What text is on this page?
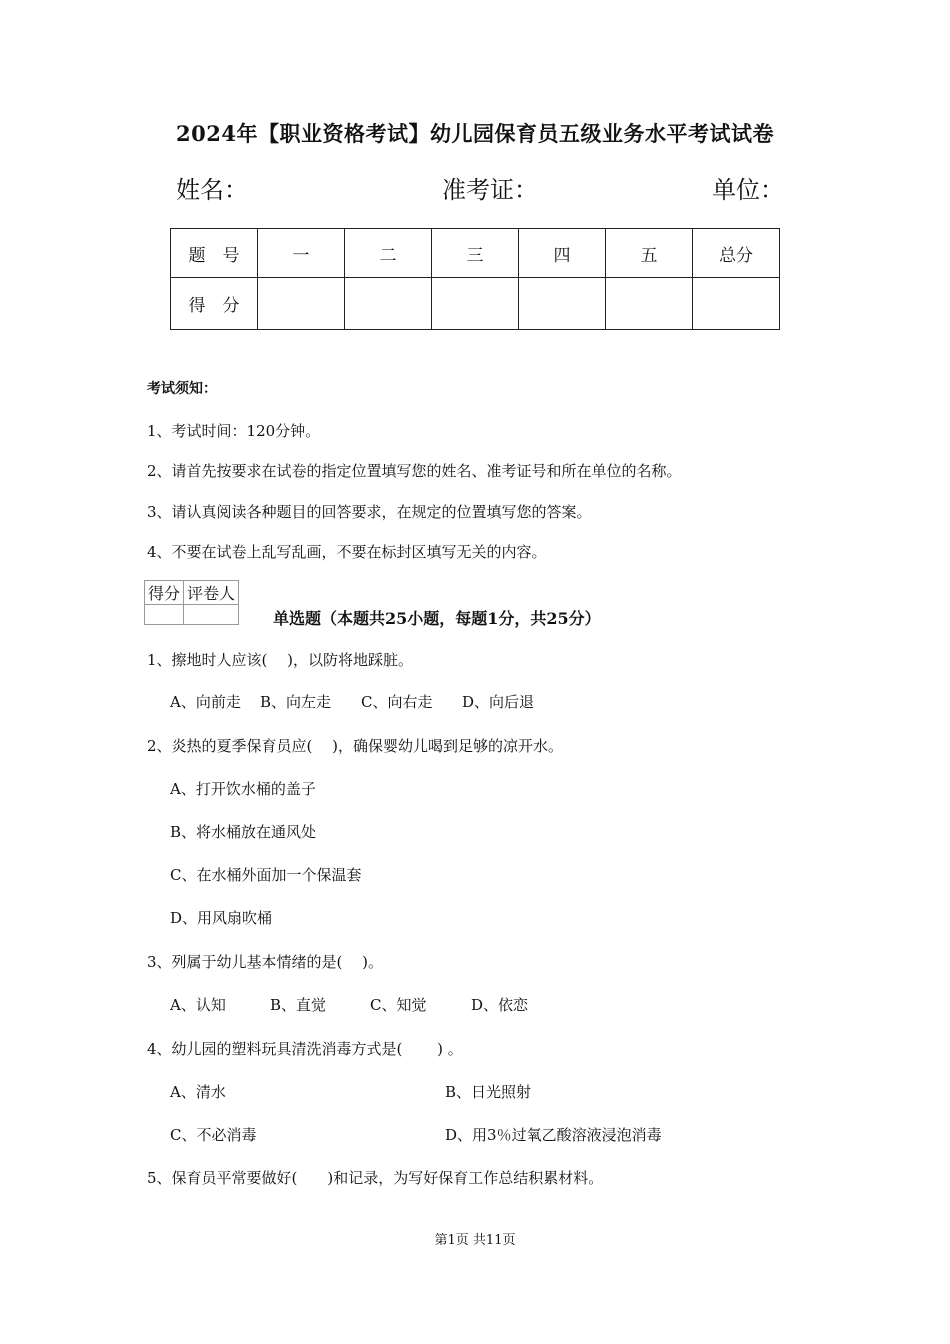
2024年【职业资格考试】幼儿园保育员五级业务水平考试试卷
姓名：	准考证：	单位：
题　号	一	二	三	四	五	总分
得　分						
考试须知：
1、考试时间：120分钟。
2、请首先按要求在试卷的指定位置填写您的姓名、准考证号和所在单位的名称。
3、请认真阅读各种题目的回答要求，在规定的位置填写您的答案。
4、不要在试卷上乱写乱画，不要在标封区填写无关的内容。
得分	评卷人

单选题（本题共25小题，每题1分，共25分）
1、擦地时人应该(　 )，以防将地踩脏。
A、向前走 B、向左走 C、向右走 D、向后退
2、炎热的夏季保育员应(　 )，确保婴幼儿喝到足够的凉开水。
A、打开饮水桶的盖子
B、将水桶放在通风处
C、在水桶外面加一个保温套
D、用风扇吹桶
3、列属于幼儿基本情绪的是(　 )。
A、认知	B、直觉	C、知觉	D、依恋
4、幼儿园的塑料玩具清洗消毒方式是(　　 ) 。
A、清水	B、日光照射
C、不必消毒	D、用3％过氧乙酸溶液浸泡消毒
5、保育员平常要做好(　　)和记录，为写好保育工作总结积累材料。
第1页 共11页
